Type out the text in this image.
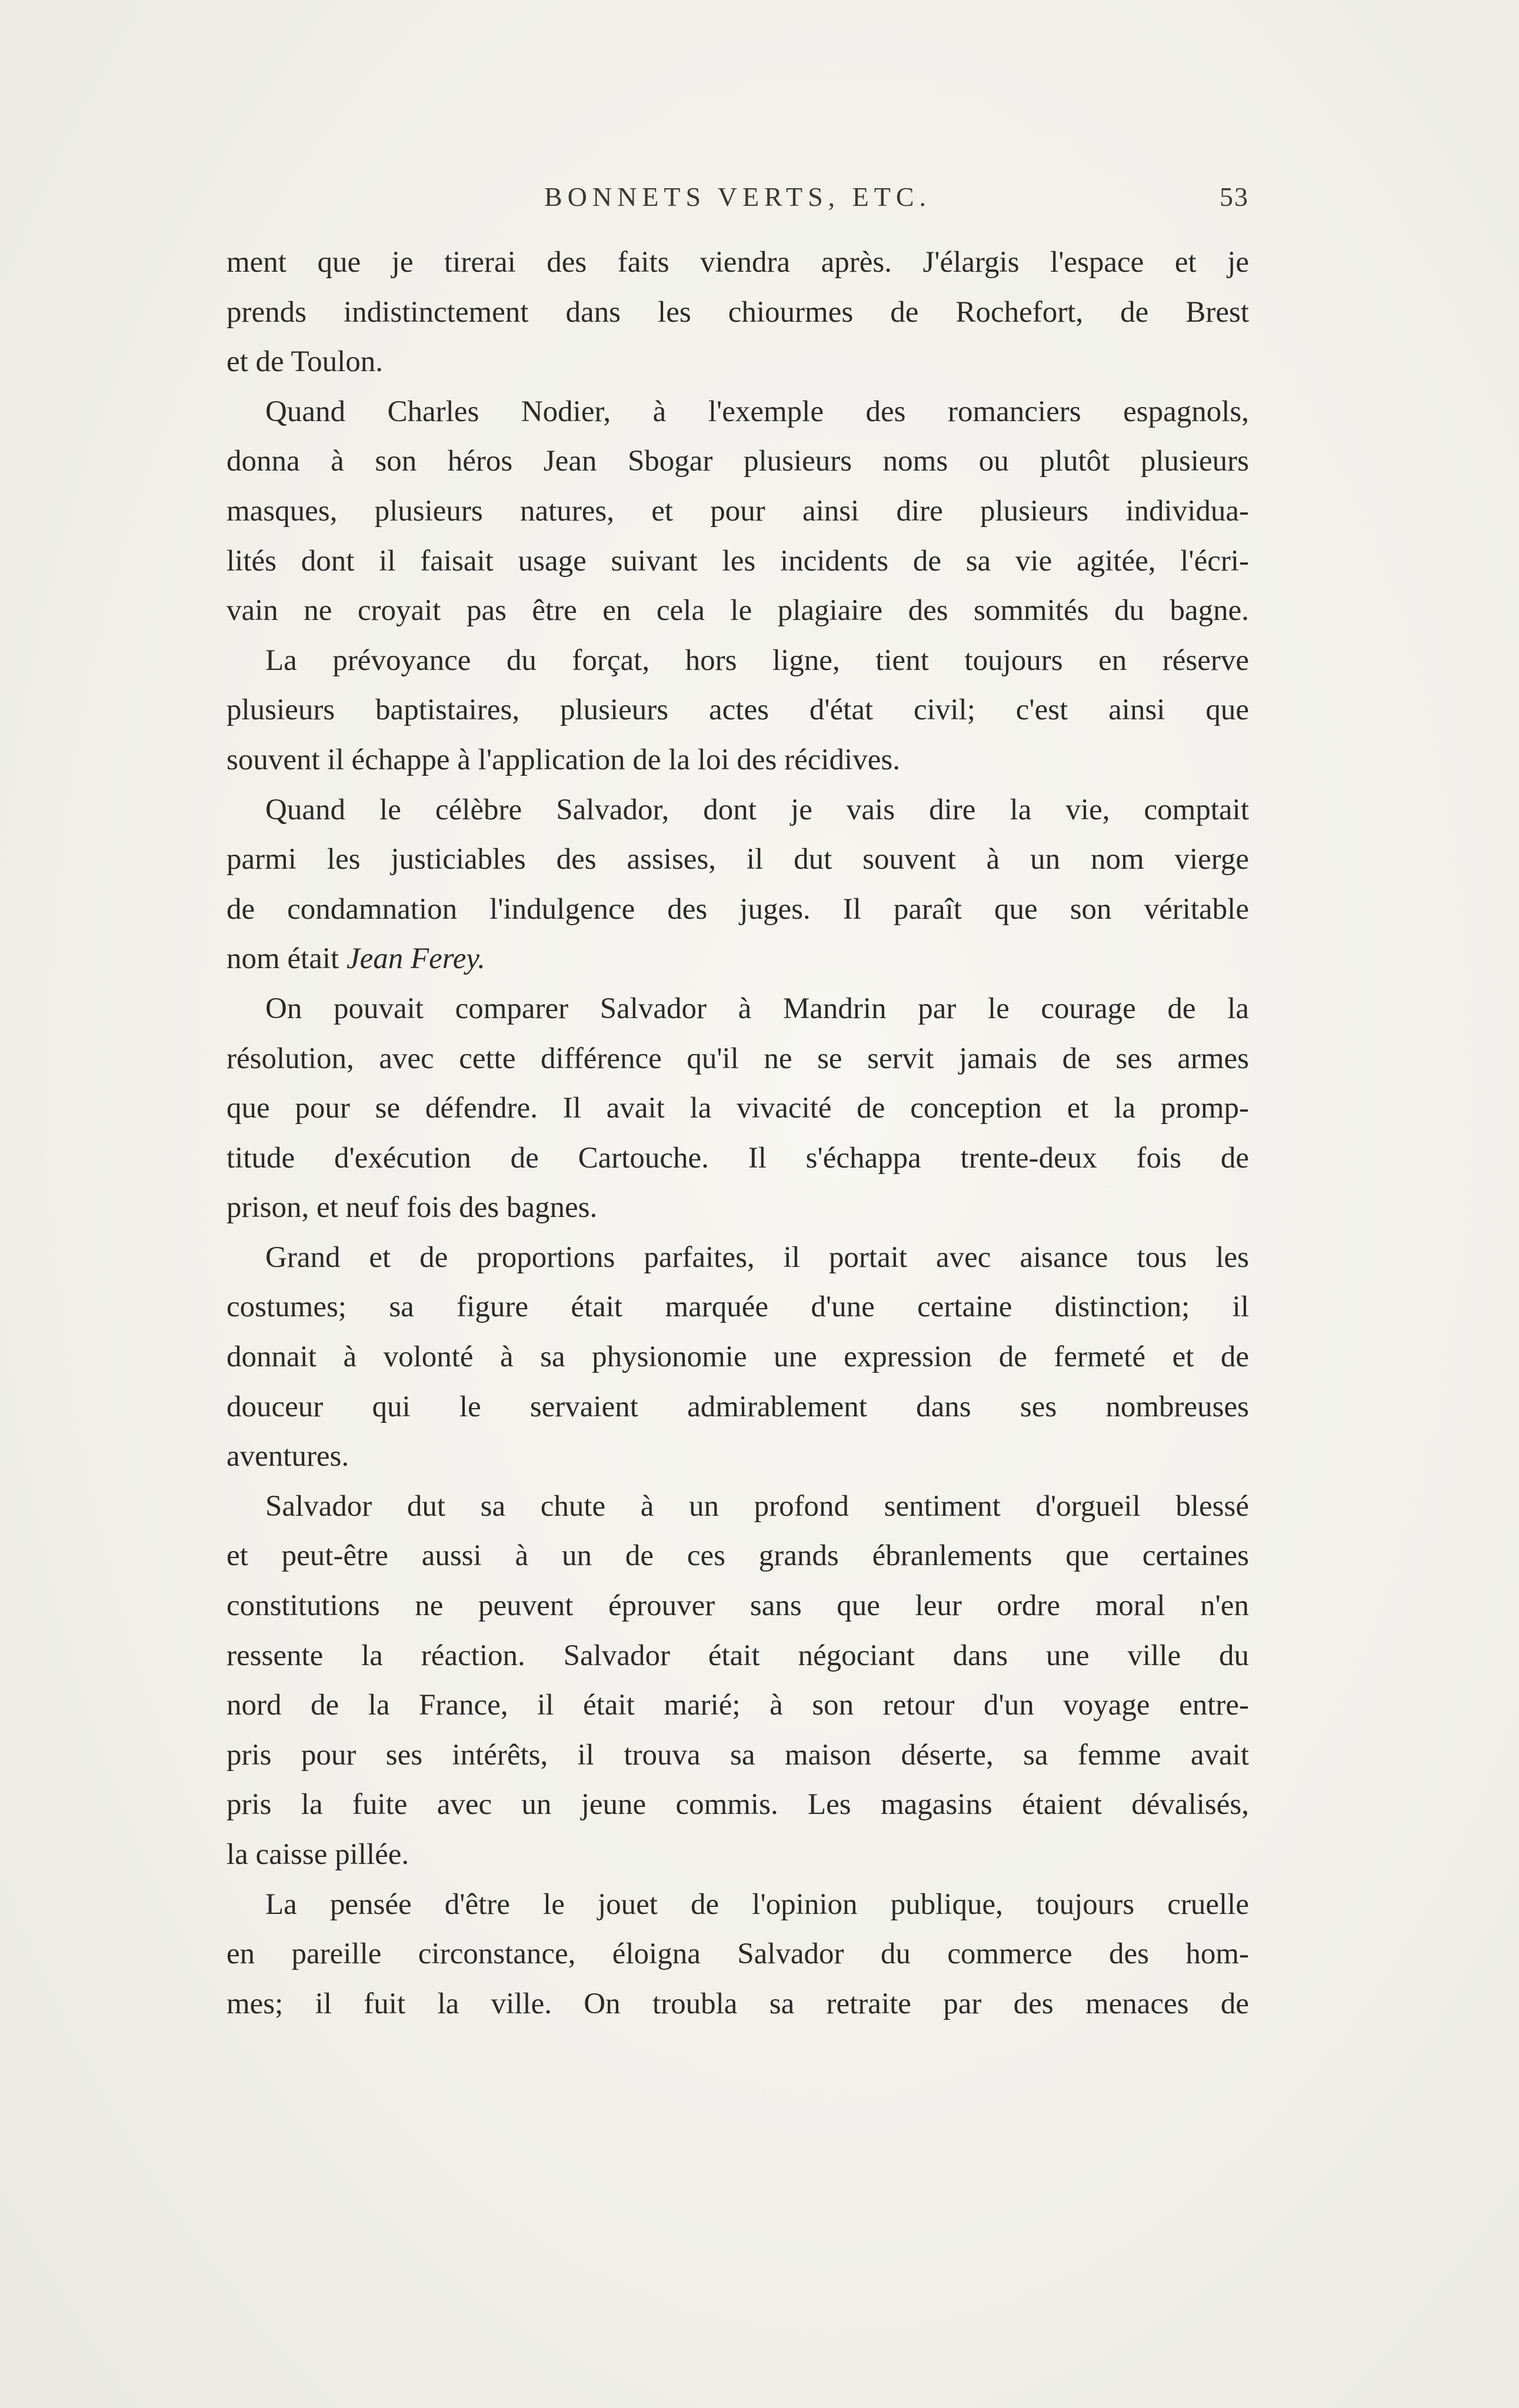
BONNETS VERTS, ETC.	53
ment que je tirerai des faits viendra après. J'élargis l'espace et je
prends indistinctement dans les chiourmes de Rochefort, de Brest
et de Toulon.
Quand Charles Nodier, à l'exemple des romanciers espagnols,
donna à son héros Jean Sbogar plusieurs noms ou plutôt plusieurs
masques, plusieurs natures, et pour ainsi dire plusieurs individua-
lités dont il faisait usage suivant les incidents de sa vie agitée, l'écri-
vain ne croyait pas être en cela le plagiaire des sommités du bagne.
La prévoyance du forçat, hors ligne, tient toujours en réserve
plusieurs baptistaires, plusieurs actes d'état civil; c'est ainsi que
souvent il échappe à l'application de la loi des récidives.
Quand le célèbre Salvador, dont je vais dire la vie, comptait
parmi les justiciables des assises, il dut souvent à un nom vierge
de condamnation l'indulgence des juges. Il paraît que son véritable
nom était Jean Ferey.
On pouvait comparer Salvador à Mandrin par le courage de la
résolution, avec cette différence qu'il ne se servit jamais de ses armes
que pour se défendre. Il avait la vivacité de conception et la promp-
titude d'exécution de Cartouche. Il s'échappa trente-deux fois de
prison, et neuf fois des bagnes.
Grand et de proportions parfaites, il portait avec aisance tous les
costumes; sa figure était marquée d'une certaine distinction; il
donnait à volonté à sa physionomie une expression de fermeté et de
douceur qui le servaient admirablement dans ses nombreuses
aventures.
Salvador dut sa chute à un profond sentiment d'orgueil blessé
et peut-être aussi à un de ces grands ébranlements que certaines
constitutions ne peuvent éprouver sans que leur ordre moral n'en
ressente la réaction. Salvador était négociant dans une ville du
nord de la France, il était marié; à son retour d'un voyage entre-
pris pour ses intérêts, il trouva sa maison déserte, sa femme avait
pris la fuite avec un jeune commis. Les magasins étaient dévalisés,
la caisse pillée.
La pensée d'être le jouet de l'opinion publique, toujours cruelle
en pareille circonstance, éloigna Salvador du commerce des hom-
mes; il fuit la ville. On troubla sa retraite par des menaces de
